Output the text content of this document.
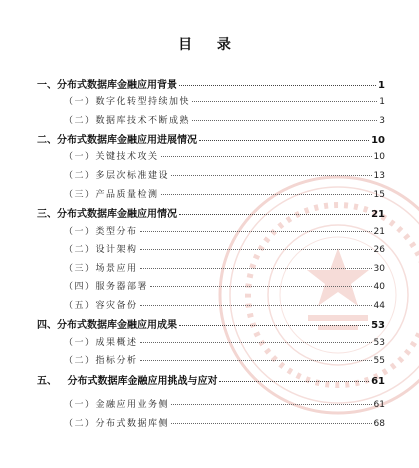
目 录
一、分布式数据库金融应用背景	1
（一）数字化转型持续加快	1
（二）数据库技术不断成熟	3
二、分布式数据库金融应用进展情况	10
（一）关键技术攻关	10
（二）多层次标准建设	13
（三）产品质量检测	15
三、分布式数据库金融应用情况	21
（一）类型分布	21
（二）设计架构	26
（三）场景应用	30
（四）服务器部署	40
（五）容灾备份	44
四、分布式数据库金融应用成果	53
（一）成果概述	53
（二）指标分析	55
五、   分布式数据库金融应用挑战与应对	61
（一）金融应用业务侧	61
（二）分布式数据库侧	68
